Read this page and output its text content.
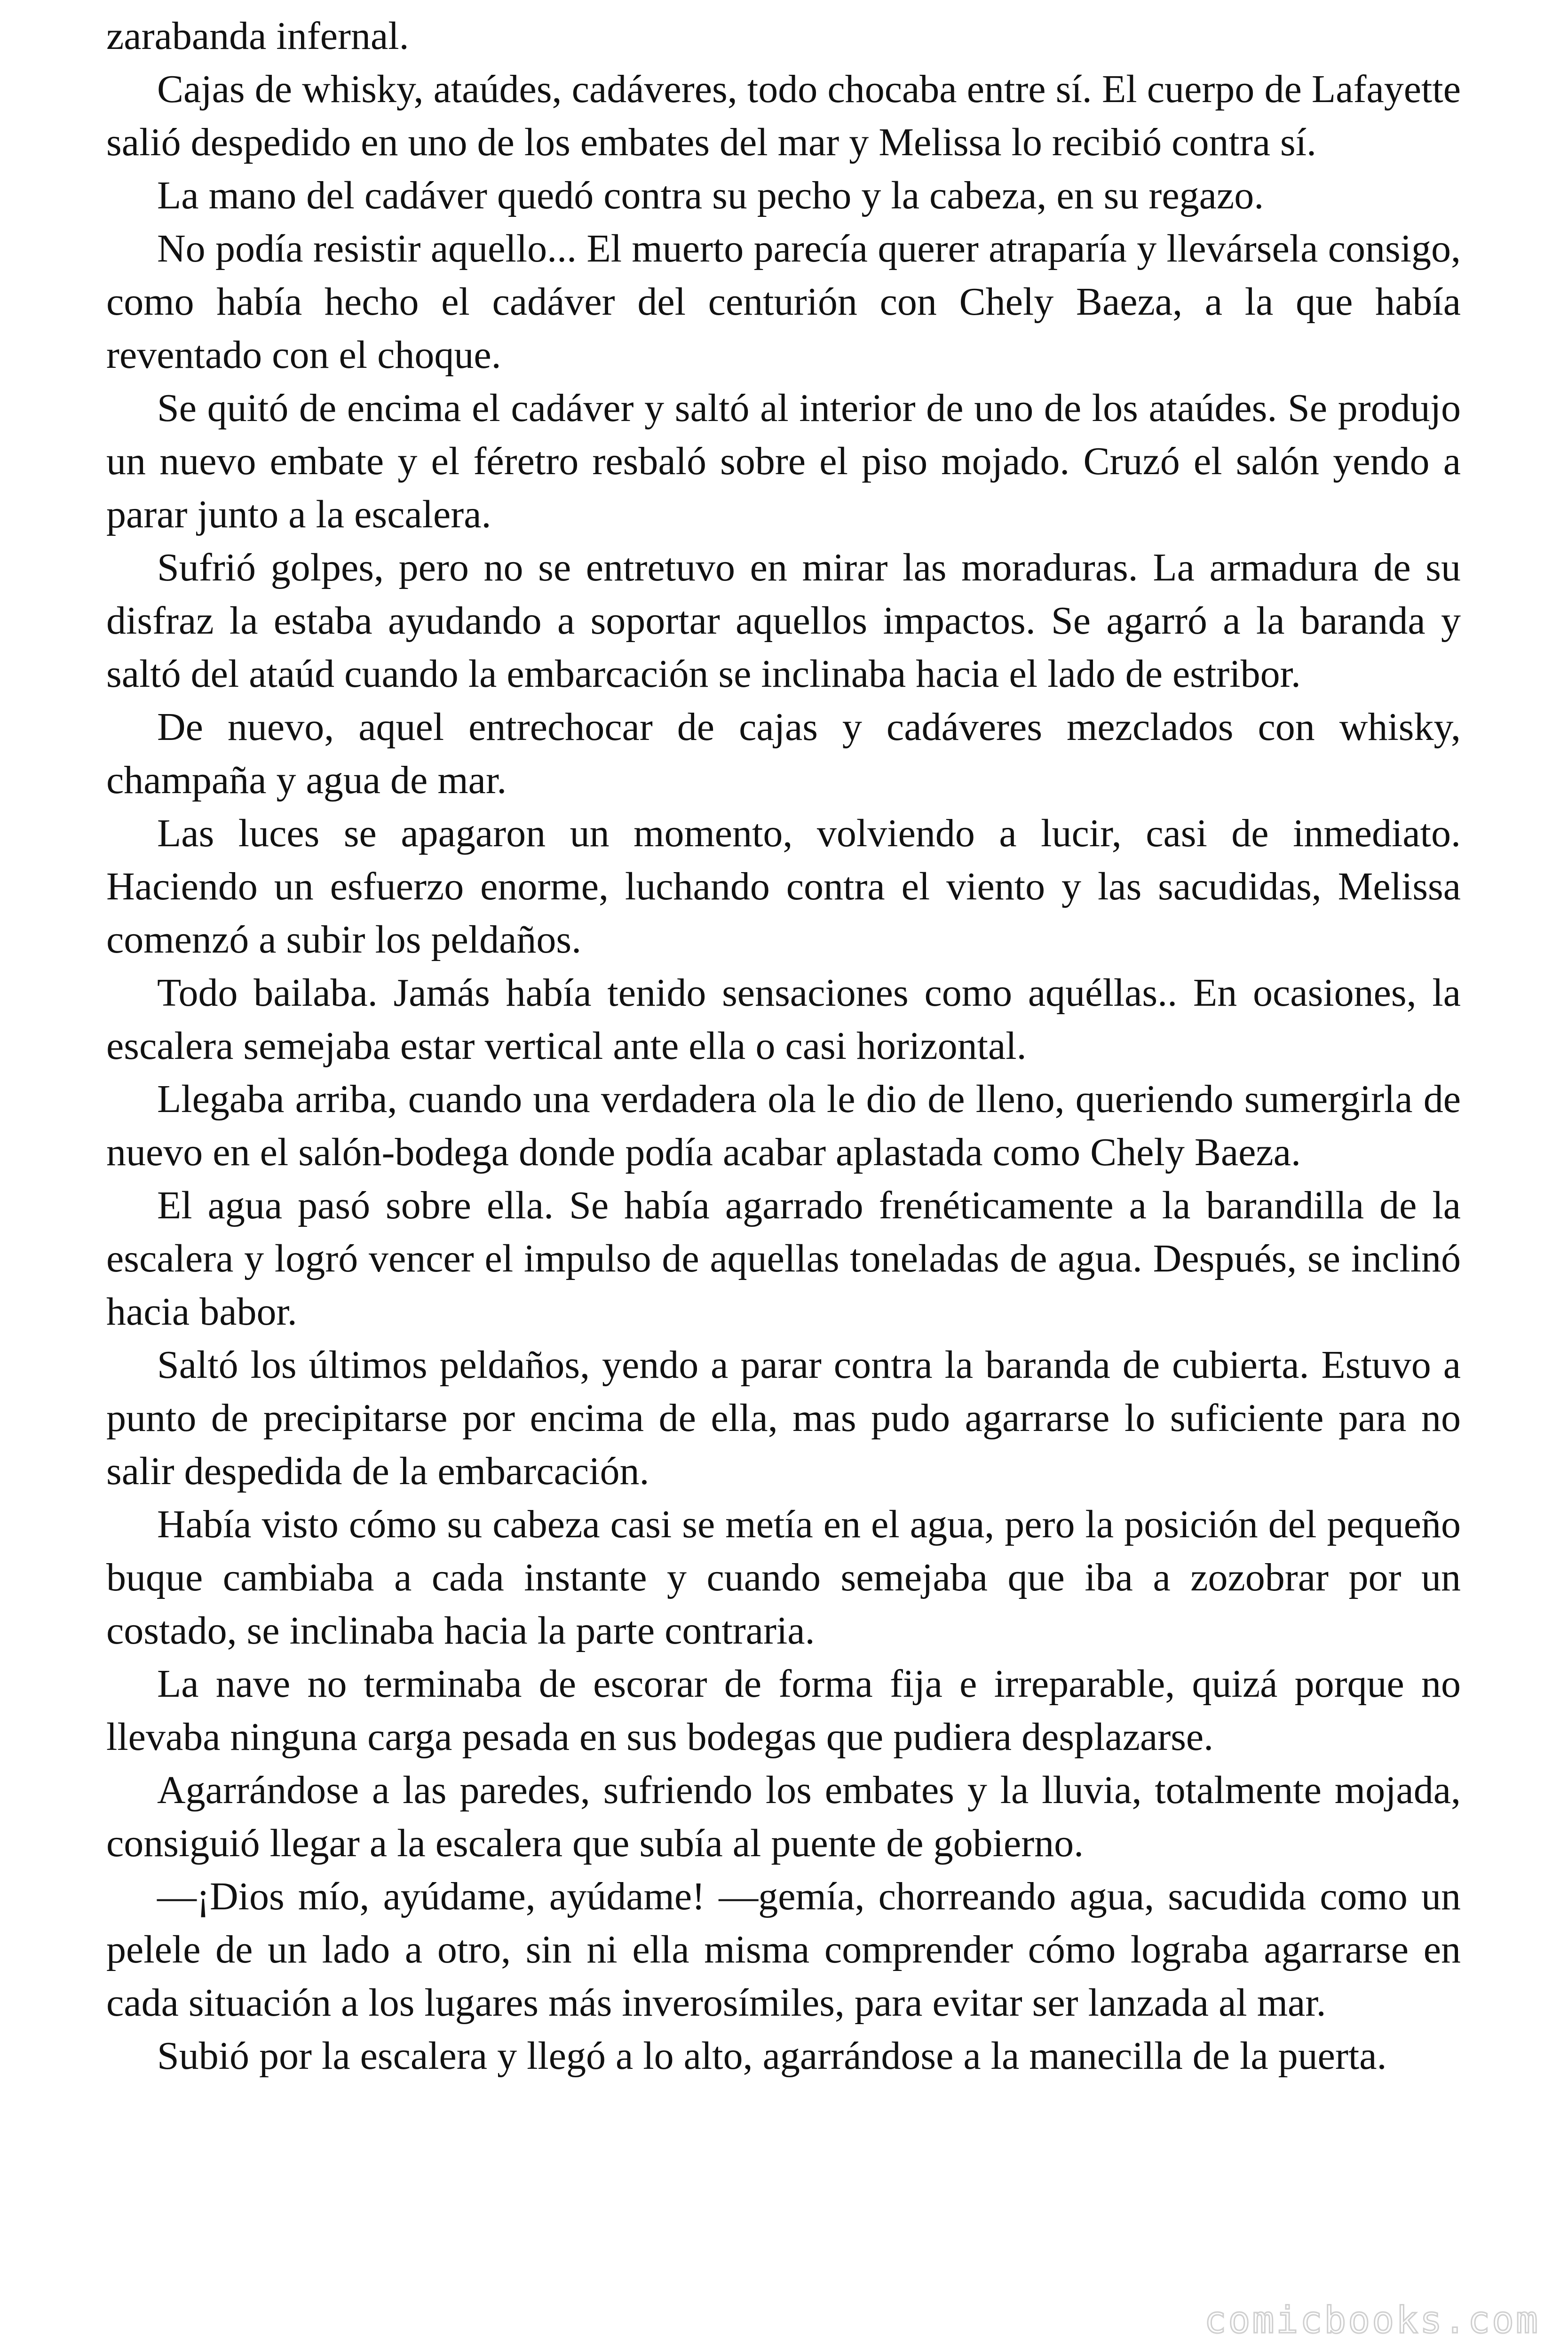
zarabanda infernal.

Cajas de whisky, ataúdes, cadáveres, todo chocaba entre sí. El cuerpo de Lafayette salió despedido en uno de los embates del mar y Melissa lo recibió contra sí.

La mano del cadáver quedó contra su pecho y la cabeza, en su regazo.

No podía resistir aquello... El muerto parecía querer atraparía y llevársela consigo, como había hecho el cadáver del centurión con Chely Baeza, a la que había reventado con el choque.

Se quitó de encima el cadáver y saltó al interior de uno de los ataúdes. Se produjo un nuevo embate y el féretro resbaló sobre el piso mojado. Cruzó el salón yendo a parar junto a la escalera.

Sufrió golpes, pero no se entretuvo en mirar las moraduras. La armadura de su disfraz la estaba ayudando a soportar aquellos impactos. Se agarró a la baranda y saltó del ataúd cuando la embarcación se inclinaba hacia el lado de estribor.

De nuevo, aquel entrechocar de cajas y cadáveres mezclados con whisky, champaña y agua de mar.

Las luces se apagaron un momento, volviendo a lucir, casi de inmediato. Haciendo un esfuerzo enorme, luchando contra el viento y las sacudidas, Melissa comenzó a subir los peldaños.

Todo bailaba. Jamás había tenido sensaciones como aquéllas.. En ocasiones, la escalera semejaba estar vertical ante ella o casi horizontal.

Llegaba arriba, cuando una verdadera ola le dio de lleno, queriendo sumergirla de nuevo en el salón-bodega donde podía acabar aplastada como Chely Baeza.

El agua pasó sobre ella. Se había agarrado frenéticamente a la barandilla de la escalera y logró vencer el impulso de aquellas toneladas de agua. Después, se inclinó hacia babor.

Saltó los últimos peldaños, yendo a parar contra la baranda de cubierta. Estuvo a punto de precipitarse por encima de ella, mas pudo agarrarse lo suficiente para no salir despedida de la embarcación.

Había visto cómo su cabeza casi se metía en el agua, pero la posición del pequeño buque cambiaba a cada instante y cuando semejaba que iba a zozobrar por un costado, se inclinaba hacia la parte contraria.

La nave no terminaba de escorar de forma fija e irreparable, quizá porque no llevaba ninguna carga pesada en sus bodegas que pudiera desplazarse.

Agarrándose a las paredes, sufriendo los embates y la lluvia, totalmente mojada, consiguió llegar a la escalera que subía al puente de gobierno.

—¡Dios mío, ayúdame, ayúdame! —gemía, chorreando agua, sacudida como un pelele de un lado a otro, sin ni ella misma comprender cómo lograba agarrarse en cada situación a los lugares más inverosímiles, para evitar ser lanzada al mar.

Subió por la escalera y llegó a lo alto, agarrándose a la manecilla de la puerta.

comicbooks.com
